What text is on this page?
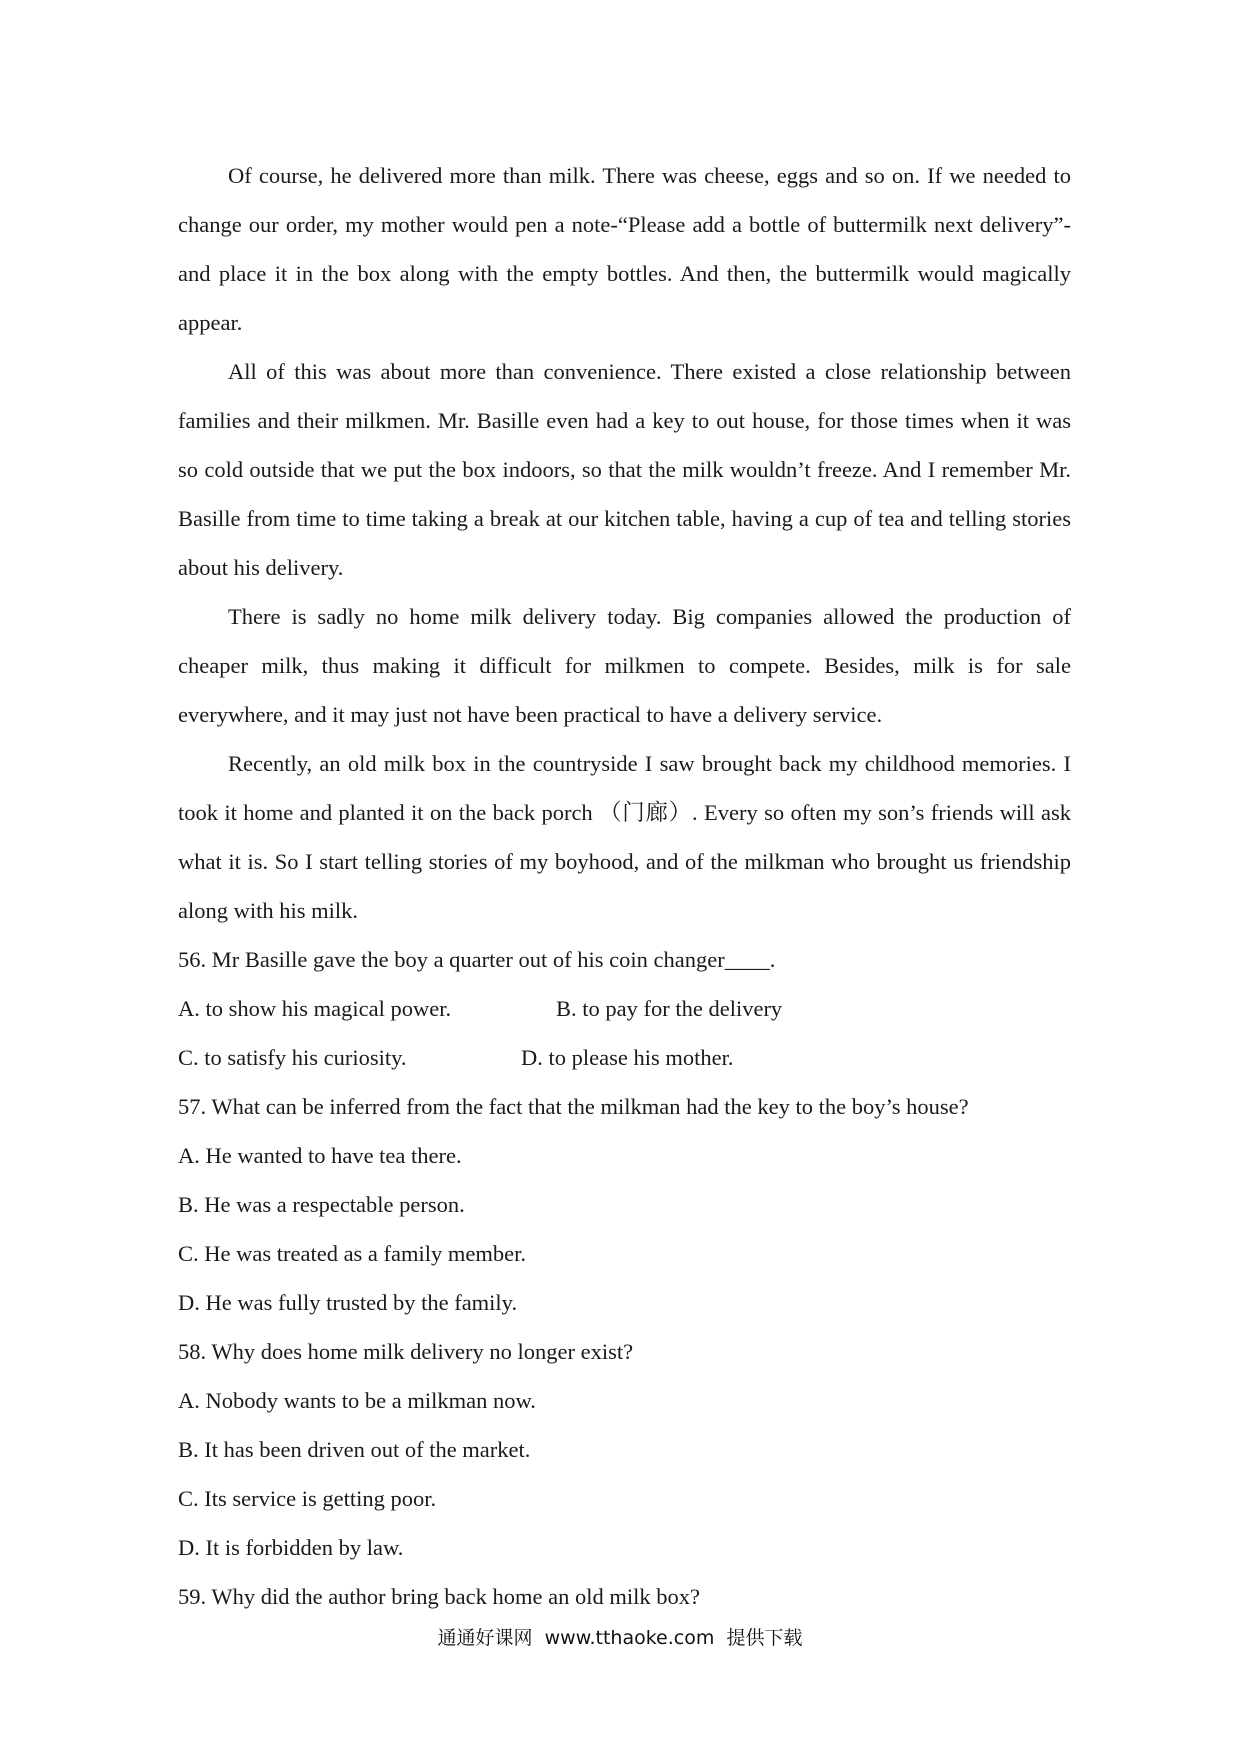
Of course, he delivered more than milk. There was cheese, eggs and so on. If we needed to change our order, my mother would pen a note-“Please add a bottle of buttermilk next delivery”-and place it in the box along with the empty bottles. And then, the buttermilk would magically appear.

All of this was about more than convenience. There existed a close relationship between families and their milkmen. Mr. Basille even had a key to out house, for those times when it was so cold outside that we put the box indoors, so that the milk wouldn’t freeze. And I remember Mr. Basille from time to time taking a break at our kitchen table, having a cup of tea and telling stories about his delivery.

There is sadly no home milk delivery today. Big companies allowed the production of cheaper milk, thus making it difficult for milkmen to compete. Besides, milk is for sale everywhere, and it may just not have been practical to have a delivery service.

Recently, an old milk box in the countryside I saw brought back my childhood memories. I took it home and planted it on the back porch （门廊）. Every so often my son’s friends will ask what it is. So I start telling stories of my boyhood, and of the milkman who brought us friendship along with his milk.

56. Mr Basille gave the boy a quarter out of his coin changer____.

A. to show his magical power.	B. to pay for the delivery
C. to satisfy his curiosity.	D. to please his mother.

57. What can be inferred from the fact that the milkman had the key to the boy’s house?

A. He wanted to have tea there.

B. He was a respectable person.

C. He was treated as a family member.

D. He was fully trusted by the family.

58. Why does home milk delivery no longer exist?

A. Nobody wants to be a milkman now.

B. It has been driven out of the market.

C. Its service is getting poor.

D. It is forbidden by law.

59. Why did the author bring back home an old milk box?

通通好课网 www.tthaoke.com 提供下载
